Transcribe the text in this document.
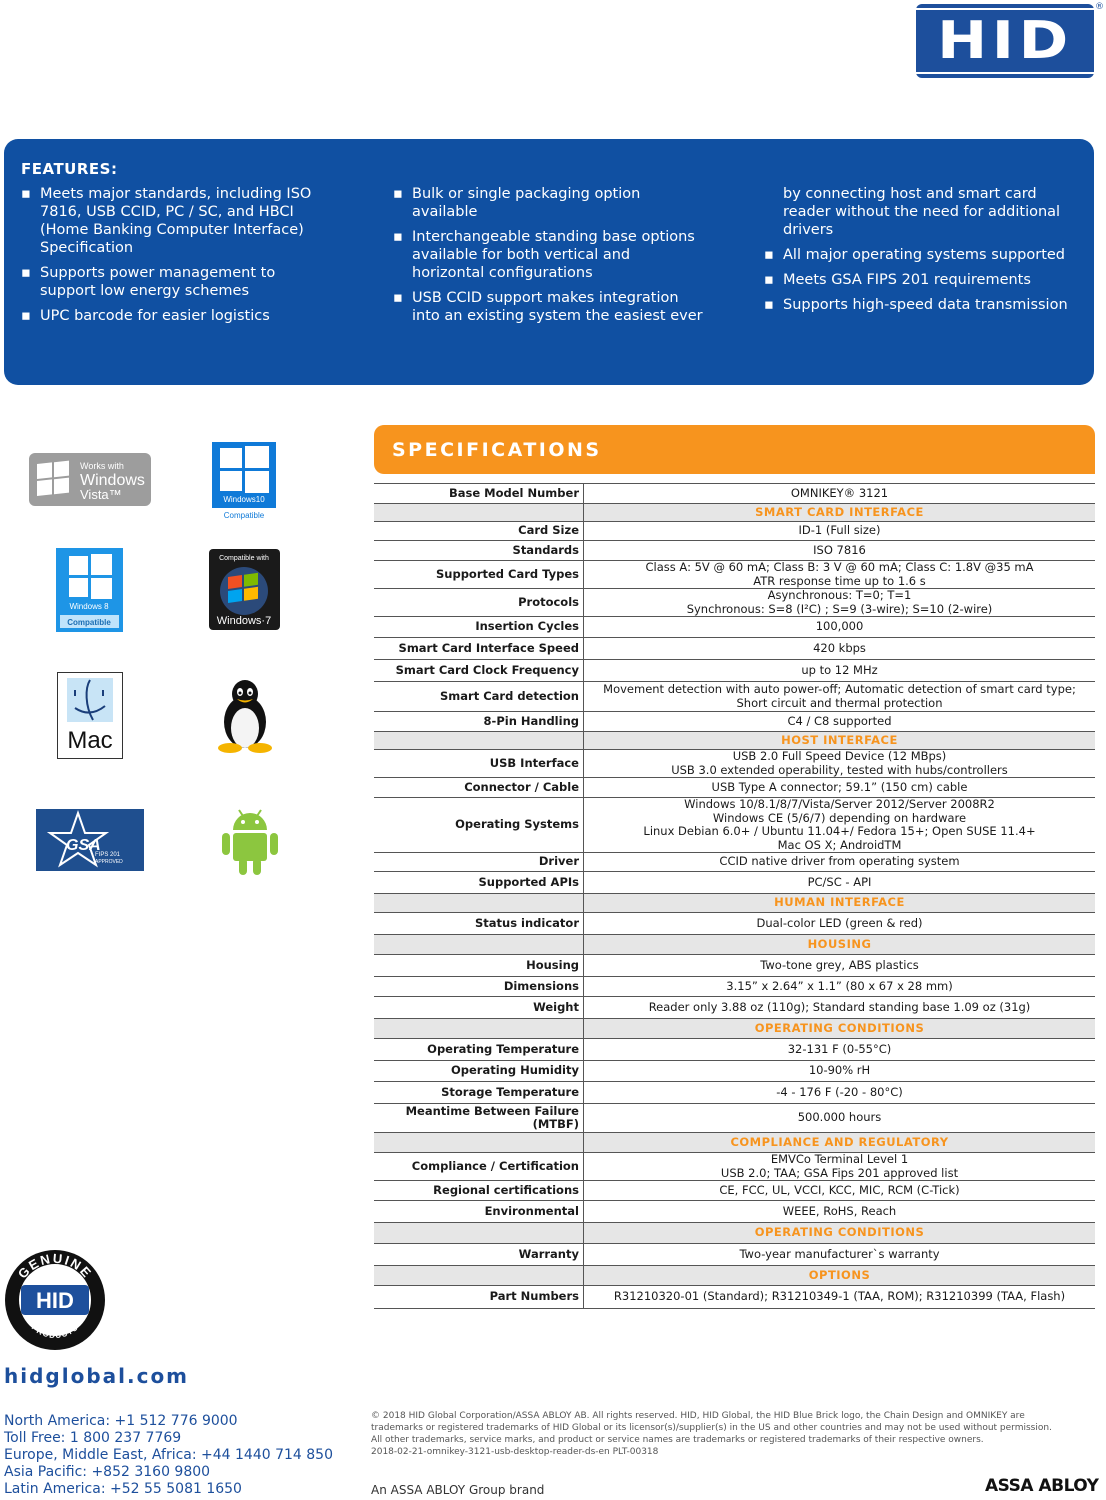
HID
®
FEATURES:
▪ Meets major standards, including ISO 7816, USB CCID, PC / SC, and HBCI (Home Banking Computer Interface) Specification
▪ Supports power management to support low energy schemes
▪ UPC barcode for easier logistics
▪ Bulk or single packaging option available
▪ Interchangeable standing base options available for both vertical and horizontal configurations
▪ USB CCID support makes integration into an existing system the easiest ever
by connecting host and smart card reader without the need for additional drivers
▪ All major operating systems supported
▪ Meets GSA FIPS 201 requirements
▪ Supports high-speed data transmission
Works with
Windows
Vista™	Windows10
Compatible
Windows 8
Compatible
Compatible with
Windows·7
Mac
GSA
FIPS 201
APPROVED
SPECIFICATIONS
Base Model Number	OMNIKEY® 3121
	SMART CARD INTERFACE
Card Size	ID-1 (Full size)
Standards	ISO 7816
Supported Card Types	Class A: 5V @ 60 mA; Class B: 3 V @ 60 mA; Class C: 1.8V @35 mA
ATR response time up to 1.6 s
Protocols	Asynchronous: T=0; T=1
Synchronous: S=8 (I²C) ; S=9 (3-wire); S=10 (2-wire)
Insertion Cycles	100,000
Smart Card Interface Speed	420 kbps
Smart Card Clock Frequency	up to 12 MHz
Smart Card detection	Movement detection with auto power-off; Automatic detection of smart card type;
Short circuit and thermal protection
8-Pin Handling	C4 / C8 supported
	HOST INTERFACE
USB Interface	USB 2.0 Full Speed Device (12 MBps)
USB 3.0 extended operability, tested with hubs/controllers
Connector / Cable	USB Type A connector; 59.1” (150 cm) cable
Operating Systems	Windows 10/8.1/8/7/Vista/Server 2012/Server 2008R2
Windows CE (5/6/7) depending on hardware
Linux Debian 6.0+ / Ubuntu 11.04+/ Fedora 15+; Open SUSE 11.4+
Mac OS X; AndroidTM
Driver	CCID native driver from operating system
Supported APIs	PC/SC - API
	HUMAN INTERFACE
Status indicator	Dual-color LED (green & red)
	HOUSING
Housing	Two-tone grey, ABS plastics
Dimensions	3.15” x 2.64” x 1.1” (80 x 67 x 28 mm)
Weight	Reader only 3.88 oz (110g); Standard standing base 1.09 oz (31g)
	OPERATING CONDITIONS
Operating Temperature	32-131 F (0-55°C)
Operating Humidity	10-90% rH
Storage Temperature	-4 - 176 F (-20 - 80°C)
Meantime Between Failure
(MTBF)	500.000 hours
	COMPLIANCE AND REGULATORY
Compliance / Certification	EMVCo Terminal Level 1
USB 2.0; TAA; GSA Fips 201 approved list
Regional certifications	CE, FCC, UL, VCCI, KCC, MIC, RCM (C-Tick)
Environmental	WEEE, RoHS, Reach
	OPERATING CONDITIONS
Warranty	Two-year manufacturer`s warranty
	OPTIONS
Part Numbers	R31210320-01 (Standard); R31210349-1 (TAA, ROM); R31210399 (TAA, Flash)
GENUINE
PRODUCTS
HID
hidglobal.com
North America: +1 512 776 9000
Toll Free: 1 800 237 7769
Europe, Middle East, Africa: +44 1440 714 850
Asia Pacific: +852 3160 9800
Latin America: +52 55 5081 1650
© 2018 HID Global Corporation/ASSA ABLOY AB. All rights reserved. HID, HID Global, the HID Blue Brick logo, the Chain Design and OMNIKEY are trademarks or registered trademarks of HID Global or its licensor(s)/supplier(s) in the US and other countries and may not be used without permission. All other trademarks, service marks, and product or service names are trademarks or registered trademarks of their respective owners.
2018-02-21-omnikey-3121-usb-desktop-reader-ds-en PLT-00318
An ASSA ABLOY Group brand	ASSA ABLOY
